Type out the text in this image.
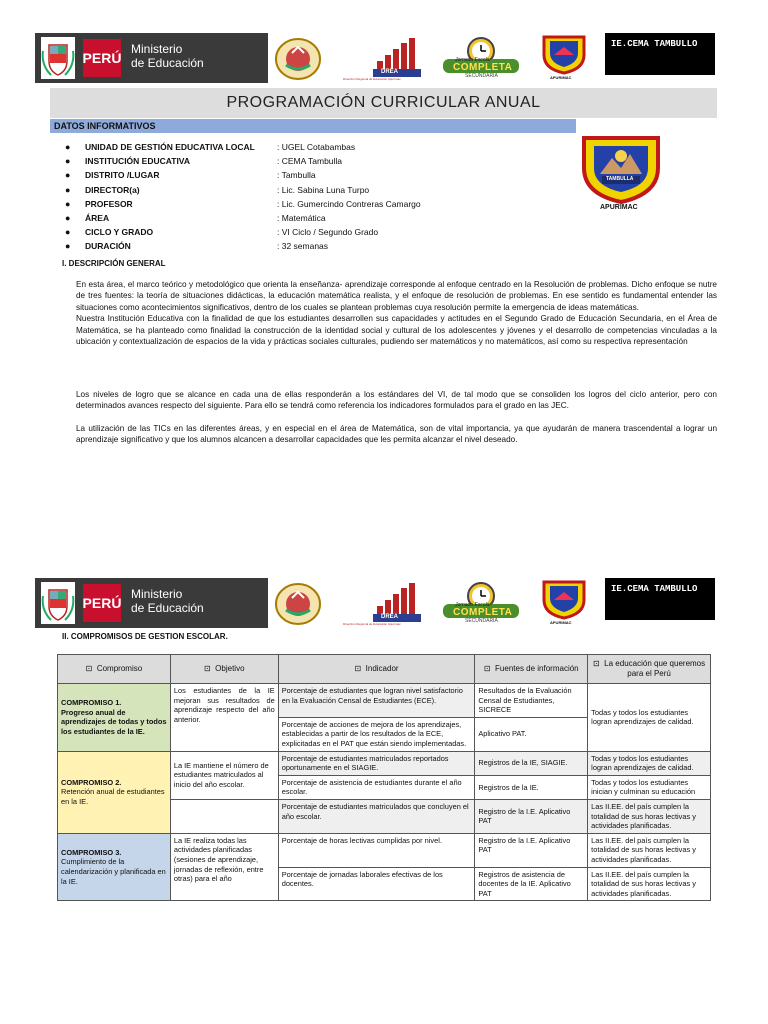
PERÚ
Ministerio
de Educación
DREA
Dirección Regional de Educación Apurímac
Jornada Escolar
COMPLETA
SECUNDARIA	APURIMAC
IE.CEMA TAMBULLO
PROGRAMACIÓN CURRICULAR ANUAL
DATOS INFORMATIVOS
●	UNIDAD DE GESTIÓN EDUCATIVA LOCAL	: UGEL Cotabambas
●	INSTITUCIÓN EDUCATIVA	: CEMA Tambulla
●	DISTRITO /LUGAR	: Tambulla
●	DIRECTOR(a)	: Lic. Sabina Luna Turpo
●	PROFESOR	: Lic. Gumercindo Contreras Camargo
●	ÁREA	: Matemática
●	CICLO Y GRADO	: VI Ciclo / Segundo Grado
●	DURACIÓN	: 32 semanas
TAMBULLA
APURIMAC
I. DESCRIPCIÓN GENERAL
En esta área, el marco teórico y metodológico que orienta la enseñanza- aprendizaje corresponde al enfoque centrado en la Resolución de problemas. Dicho enfoque se nutre de tres fuentes: la teoría de situaciones didácticas, la educación matemática realista, y el enfoque de resolución de problemas. En ese sentido es fundamental entender las situaciones como acontecimientos significativos, dentro de los cuales se plantean problemas cuya resolución permite la emergencia de ideas matemáticas.
Nuestra Institución Educativa con la finalidad de que los estudiantes desarrollen sus capacidades y actitudes en el Segundo Grado de Educación Secundaria, en el Área de Matemática, se ha planteado como finalidad la construcción de la identidad social y cultural de los adolescentes y jóvenes y el desarrollo de competencias vinculadas a la ubicación y contextualización de espacios de la vida y prácticas sociales culturales, pudiendo ser matemáticos y no matemáticos, así como su respectiva representación
Los niveles de logro que se alcance en cada una de ellas responderán a los estándares del VI, de tal modo que se consoliden los logros del ciclo anterior, pero con determinados avances respecto del siguiente. Para ello se tendrá como referencia los indicadores formulados para el grado en las JEC.
La utilización de las TICs en las diferentes áreas, y en especial en el área de Matemática, son de vital importancia, ya que ayudarán de manera trascendental a lograr un aprendizaje significativo y que los alumnos alcancen a desarrollar capacidades que les permita alcanzar el nivel deseado.
PERÚ
Ministerio
de Educación
DREA
Dirección Regional de Educación Apurímac
Jornada Escolar
COMPLETA
SECUNDARIA	APURIMAC
IE.CEMA TAMBULLO
II. COMPROMISOS DE GESTION ESCOLAR.
⊡ Compromiso	⊡ Objetivo	⊡ Indicador	⊡ Fuentes de información	⊡ La educación que queremos para el Perú

COMPROMISO 1.
Progreso anual de aprendizajes de todas y todos los estudiantes de la IE.	Los estudiantes de la IE mejoran sus resultados de aprendizaje respecto del año anterior.	Porcentaje de estudiantes que logran nivel satisfactorio en la Evaluación Censal de Estudiantes (ECE).	Resultados de la Evaluación Censal de Estudiantes, SICRECE	Todas y todos los estudiantes logran aprendizajes de calidad.
		Porcentaje de acciones de mejora de los aprendizajes, establecidas a partir de los resultados de la ECE, explicitadas en el PAT que están siendo implementadas.	Aplicativo PAT.	

COMPROMISO 2.
Retención anual de estudiantes en la IE.	La IE mantiene el número de estudiantes matriculados al inicio del año escolar.	Porcentaje de estudiantes matriculados reportados oportunamente en el SIAGIE.	Registros de la IE, SIAGIE.	Todas y todos los estudiantes logran aprendizajes de calidad.
		Porcentaje de asistencia de estudiantes durante el año escolar.	Registros de la IE.	Todas y todos los estudiantes inician y culminan su educación
		Porcentaje de estudiantes matriculados que concluyen el año escolar.	Registro de la I.E. Aplicativo PAT	Las II.EE. del país cumplen la totalidad de sus horas lectivas y actividades planificadas.

COMPROMISO 3.
Cumplimiento de la calendarización y planificada en la IE.	La IE realiza todas las actividades planificadas (sesiones de aprendizaje, jornadas de reflexión, entre otras) para el año	Porcentaje de horas lectivas cumplidas por nivel.	Registro de la I.E. Aplicativo PAT	Las II.EE. del país cumplen la totalidad de sus horas lectivas y actividades planificadas.
		Porcentaje de jornadas laborales efectivas de los docentes.	Registros de asistencia de docentes de la IE. Aplicativo PAT	Las II.EE. del país cumplen la totalidad de sus horas lectivas y actividades planificadas.
